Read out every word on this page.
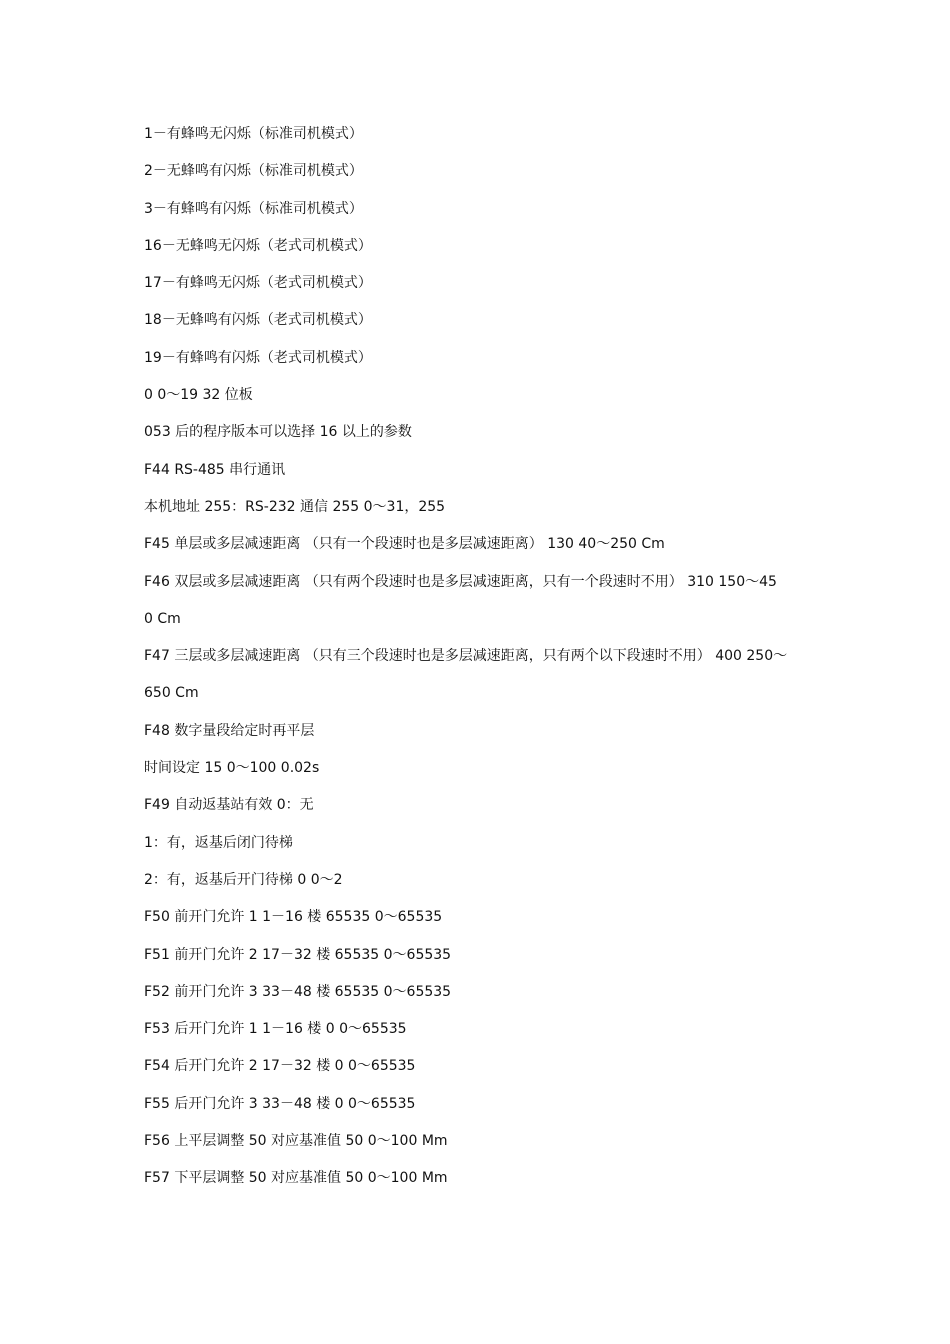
1－有蜂鸣无闪烁（标准司机模式）
2－无蜂鸣有闪烁（标准司机模式）
3－有蜂鸣有闪烁（标准司机模式）
16－无蜂鸣无闪烁（老式司机模式）
17－有蜂鸣无闪烁（老式司机模式）
18－无蜂鸣有闪烁（老式司机模式）
19－有蜂鸣有闪烁（老式司机模式）
0 0～19 32 位板
053 后的程序版本可以选择 16 以上的参数
F44 RS-485 串行通讯
本机地址 255：RS-232 通信 255 0～31，255
F45 单层或多层减速距离 （只有一个段速时也是多层减速距离） 130 40～250 Cm
F46 双层或多层减速距离 （只有两个段速时也是多层减速距离，只有一个段速时不用） 310 150～45
0 Cm
F47 三层或多层减速距离 （只有三个段速时也是多层减速距离，只有两个以下段速时不用） 400 250～
650 Cm
F48 数字量段给定时再平层
时间设定 15 0～100 0.02s
F49 自动返基站有效 0：无
1：有，返基后闭门待梯
2：有，返基后开门待梯 0 0～2
F50 前开门允许 1 1－16 楼 65535 0～65535
F51 前开门允许 2 17－32 楼 65535 0～65535
F52 前开门允许 3 33－48 楼 65535 0～65535
F53 后开门允许 1 1－16 楼 0 0～65535
F54 后开门允许 2 17－32 楼 0 0～65535
F55 后开门允许 3 33－48 楼 0 0～65535
F56 上平层调整 50 对应基准值 50 0～100 Mm
F57 下平层调整 50 对应基准值 50 0～100 Mm
